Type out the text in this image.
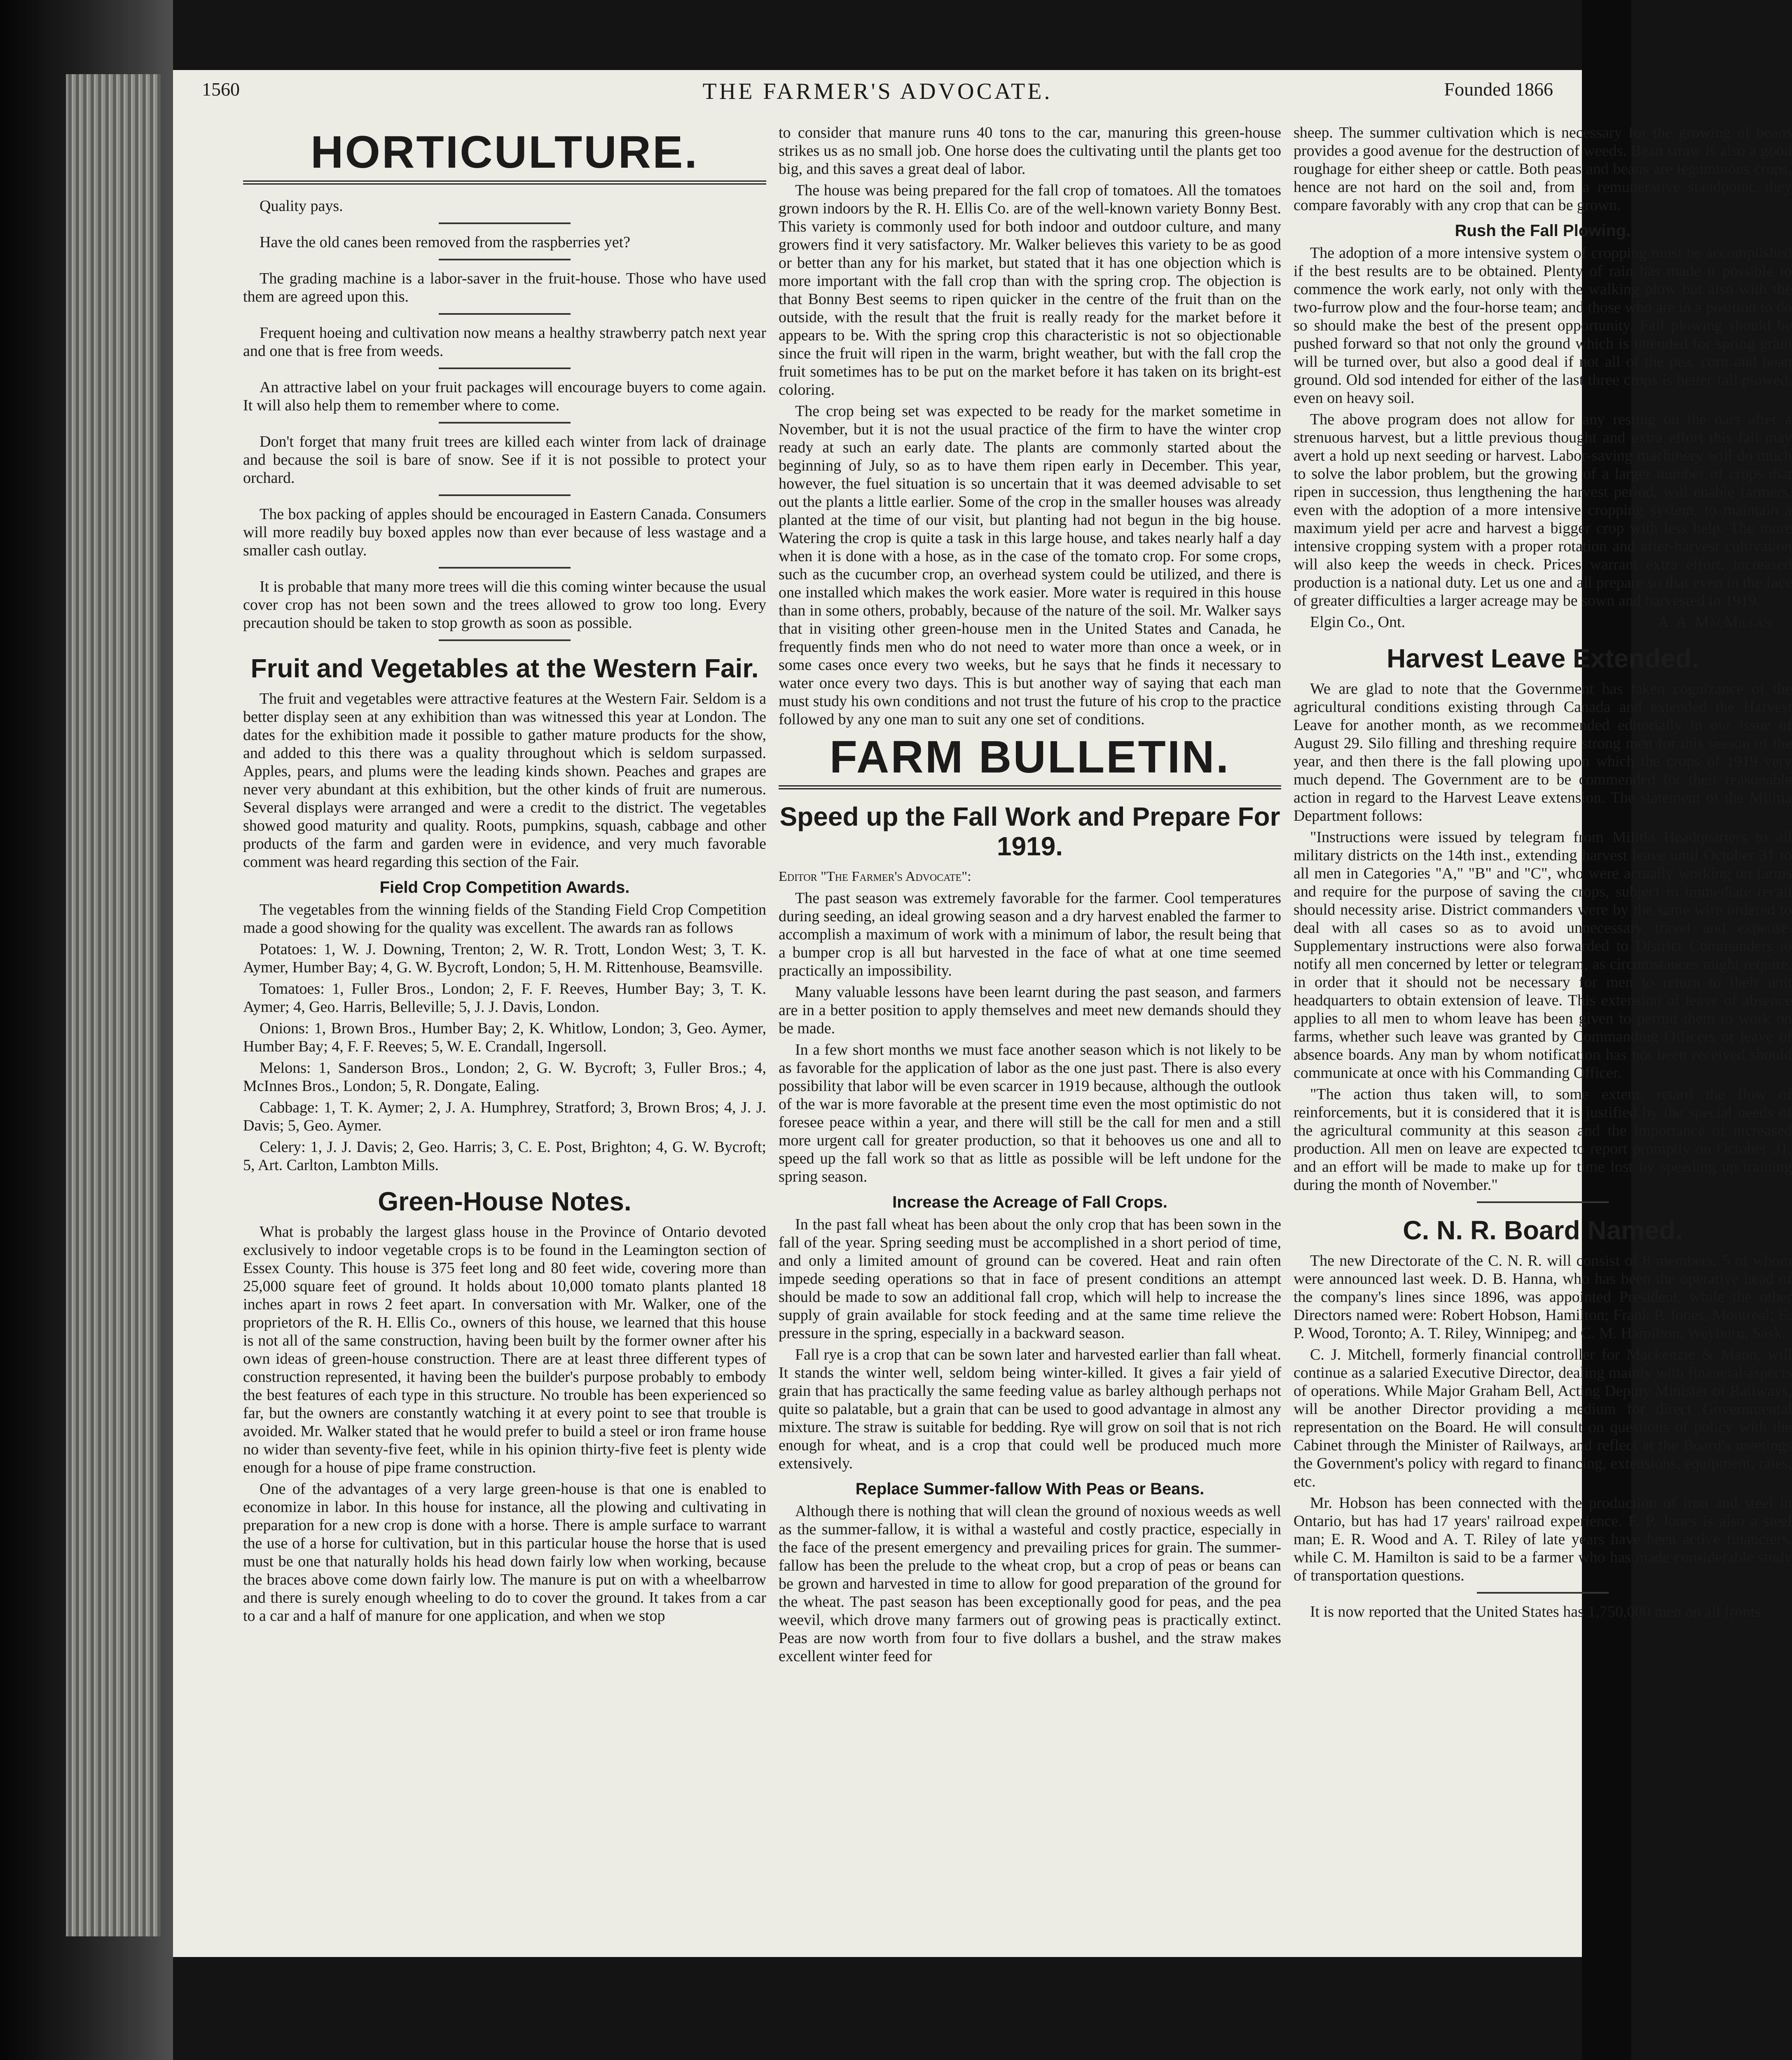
1560	THE FARMER'S ADVOCATE.	Founded 1866
HORTICULTURE.

Quality pays.

Have the old canes been removed from the raspberries yet?

The grading machine is a labor-saver in the fruit-house. Those who have used them are agreed upon this.

Frequent hoeing and cultivation now means a healthy strawberry patch next year and one that is free from weeds.

An attractive label on your fruit packages will encourage buyers to come again. It will also help them to remember where to come.

Don't forget that many fruit trees are killed each winter from lack of drainage and because the soil is bare of snow. See if it is not possible to protect your orchard.

The box packing of apples should be encouraged in Eastern Canada. Consumers will more readily buy boxed apples now than ever because of less wastage and a smaller cash outlay.

It is probable that many more trees will die this coming winter because the usual cover crop has not been sown and the trees allowed to grow too long. Every precaution should be taken to stop growth as soon as possible.

Fruit and Vegetables at the Western Fair.

The fruit and vegetables were attractive features at the Western Fair. Seldom is a better display seen at any exhibition than was witnessed this year at London. The dates for the exhibition made it possible to gather mature products for the show, and added to this there was a quality throughout which is seldom surpassed. Apples, pears, and plums were the leading kinds shown. Peaches and grapes are never very abundant at this exhibition, but the other kinds of fruit are numerous. Several displays were arranged and were a credit to the district. The vegetables showed good maturity and quality. Roots, pumpkins, squash, cabbage and other products of the farm and garden were in evidence, and very much favorable comment was heard regarding this section of the Fair.

Field Crop Competition Awards.

The vegetables from the winning fields of the Standing Field Crop Competition made a good showing for the quality was excellent. The awards ran as follows

Potatoes: 1, W. J. Downing, Trenton; 2, W. R. Trott, London West; 3, T. K. Aymer, Humber Bay; 4, G. W. Bycroft, London; 5, H. M. Rittenhouse, Beamsville.

Tomatoes: 1, Fuller Bros., London; 2, F. F. Reeves, Humber Bay; 3, T. K. Aymer; 4, Geo. Harris, Belleville; 5, J. J. Davis, London.

Onions: 1, Brown Bros., Humber Bay; 2, K. Whitlow, London; 3, Geo. Aymer, Humber Bay; 4, F. F. Reeves; 5, W. E. Crandall, Ingersoll.

Melons: 1, Sanderson Bros., London; 2, G. W. Bycroft; 3, Fuller Bros.; 4, McInnes Bros., London; 5, R. Dongate, Ealing.

Cabbage: 1, T. K. Aymer; 2, J. A. Humphrey, Stratford; 3, Brown Bros; 4, J. J. Davis; 5, Geo. Aymer.

Celery: 1, J. J. Davis; 2, Geo. Harris; 3, C. E. Post, Brighton; 4, G. W. Bycroft; 5, Art. Carlton, Lambton Mills.

Green-House Notes.

What is probably the largest glass house in the Province of Ontario devoted exclusively to indoor vegetable crops is to be found in the Leamington section of Essex County. This house is 375 feet long and 80 feet wide, covering more than 25,000 square feet of ground. It holds about 10,000 tomato plants planted 18 inches apart in rows 2 feet apart. In conversation with Mr. Walker, one of the proprietors of the R. H. Ellis Co., owners of this house, we learned that this house is not all of the same construction, having been built by the former owner after his own ideas of green-house construction. There are at least three different types of construction represented, it having been the builder's purpose probably to embody the best features of each type in this structure. No trouble has been experienced so far, but the owners are constantly watching it at every point to see that trouble is avoided. Mr. Walker stated that he would prefer to build a steel or iron frame house no wider than seventy-five feet, while in his opinion thirty-five feet is plenty wide enough for a house of pipe frame construction.

One of the advantages of a very large green-house is that one is enabled to economize in labor. In this house for instance, all the plowing and cultivating in preparation for a new crop is done with a horse. There is ample surface to warrant the use of a horse for cultivation, but in this particular house the horse that is used must be one that naturally holds his head down fairly low when working, because the braces above come down fairly low. The manure is put on with a wheelbarrow and there is surely enough wheeling to do to cover the ground. It takes from a car to a car and a half of manure for one application, and when we stop

to consider that manure runs 40 tons to the car, manuring this green-house strikes us as no small job. One horse does the cultivating until the plants get too big, and this saves a great deal of labor.

The house was being prepared for the fall crop of tomatoes. All the tomatoes grown indoors by the R. H. Ellis Co. are of the well-known variety Bonny Best. This variety is commonly used for both indoor and outdoor culture, and many growers find it very satisfactory. Mr. Walker believes this variety to be as good or better than any for his market, but stated that it has one objection which is more important with the fall crop than with the spring crop. The objection is that Bonny Best seems to ripen quicker in the centre of the fruit than on the outside, with the result that the fruit is really ready for the market before it appears to be. With the spring crop this characteristic is not so objectionable since the fruit will ripen in the warm, bright weather, but with the fall crop the fruit sometimes has to be put on the market before it has taken on its bright-est coloring.

The crop being set was expected to be ready for the market sometime in November, but it is not the usual practice of the firm to have the winter crop ready at such an early date. The plants are commonly started about the beginning of July, so as to have them ripen early in December. This year, however, the fuel situation is so uncertain that it was deemed advisable to set out the plants a little earlier. Some of the crop in the smaller houses was already planted at the time of our visit, but planting had not begun in the big house. Watering the crop is quite a task in this large house, and takes nearly half a day when it is done with a hose, as in the case of the tomato crop. For some crops, such as the cucumber crop, an overhead system could be utilized, and there is one installed which makes the work easier. More water is required in this house than in some others, probably, because of the nature of the soil. Mr. Walker says that in visiting other green-house men in the United States and Canada, he frequently finds men who do not need to water more than once a week, or in some cases once every two weeks, but he says that he finds it necessary to water once every two days. This is but another way of saying that each man must study his own conditions and not trust the future of his crop to the practice followed by any one man to suit any one set of conditions.

FARM BULLETIN.
Speed up the Fall Work and Prepare For 1919.
Editor "The Farmer's Advocate":

The past season was extremely favorable for the farmer. Cool temperatures during seeding, an ideal growing season and a dry harvest enabled the farmer to accomplish a maximum of work with a minimum of labor, the result being that a bumper crop is all but harvested in the face of what at one time seemed practically an impossibility.

Many valuable lessons have been learnt during the past season, and farmers are in a better position to apply themselves and meet new demands should they be made.

In a few short months we must face another season which is not likely to be as favorable for the application of labor as the one just past. There is also every possibility that labor will be even scarcer in 1919 because, although the outlook of the war is more favorable at the present time even the most optimistic do not foresee peace within a year, and there will still be the call for men and a still more urgent call for greater production, so that it behooves us one and all to speed up the fall work so that as little as possible will be left undone for the spring season.

Increase the Acreage of Fall Crops.

In the past fall wheat has been about the only crop that has been sown in the fall of the year. Spring seeding must be accomplished in a short period of time, and only a limited amount of ground can be covered. Heat and rain often impede seeding operations so that in face of present conditions an attempt should be made to sow an additional fall crop, which will help to increase the supply of grain available for stock feeding and at the same time relieve the pressure in the spring, especially in a backward season.

Fall rye is a crop that can be sown later and harvested earlier than fall wheat. It stands the winter well, seldom being winter-killed. It gives a fair yield of grain that has practically the same feeding value as barley although perhaps not quite so palatable, but a grain that can be used to good advantage in almost any mixture. The straw is suitable for bedding. Rye will grow on soil that is not rich enough for wheat, and is a crop that could well be produced much more extensively.

Replace Summer-fallow With Peas or Beans.

Although there is nothing that will clean the ground of noxious weeds as well as the summer-fallow, it is withal a wasteful and costly practice, especially in the face of the present emergency and prevailing prices for grain. The summer-fallow has been the prelude to the wheat crop, but a crop of peas or beans can be grown and harvested in time to allow for good preparation of the ground for the wheat. The past season has been exceptionally good for peas, and the pea weevil, which drove many farmers out of growing peas is practically extinct. Peas are now worth from four to five dollars a bushel, and the straw makes excellent winter feed for

sheep. The summer cultivation which is necessary for the growing of beans provides a good avenue for the destruction of weeds. Bean straw is also a good roughage for either sheep or cattle. Both peas and beans are leguminous crops, hence are not hard on the soil and, from a remunerative standpoint, they compare favorably with any crop that can be grown.

Rush the Fall Plowing.

The adoption of a more intensive system of cropping must be accomplished if the best results are to be obtained. Plenty of rain has made it possible to commence the work early, not only with the walking plow but also with the two-furrow plow and the four-horse team; and those who are in a position to do so should make the best of the present opportunity. Fall plowing should be pushed forward so that not only the ground which is intended for spring grain will be turned over, but also a good deal if not all of the pea, corn and bean ground. Old sod intended for either of the last three crops is better fall plowed, even on heavy soil.

The above program does not allow for any resting on the oars after a strenuous harvest, but a little previous thought and extra effort this fall may avert a hold up next seeding or harvest. Labor-saving machinery will do much to solve the labor problem, but the growing of a larger number of crops that ripen in succession, thus lengthening the harvest period, will enable farmers, even with the adoption of a more intensive cropping system, to maintain a maximum yield per acre and harvest a bigger crop with less help. The more intensive cropping system with a proper rotation and after-harvest cultivation will also keep the weeds in check. Prices warrant extra effort, increased production is a national duty. Let us one and all prepare so that even in the face of greater difficulties a larger acreage may be sown and harvested in 1919.

Elgin Co., Ont.	A. A. MacMillan.
Harvest Leave Extended.

We are glad to note that the Government has taken cognizance of the agricultural conditions existing through Canada and extended the Harvest Leave for another month, as we recommended editorially in our issue of August 29. Silo filling and threshing require strong men for this season of the year, and then there is the fall plowing upon which the crops of 1919 very much depend. The Government are to be commended for their reasonable action in regard to the Harvest Leave extension. The statement of the Militia Department follows:

"Instructions were issued by telegram from Militia Headquarters to all military districts on the 14th inst., extending harvest leave until October 31 to all men in Categories "A," "B" and "C", who were actually working on farms and require for the purpose of saving the crops, subject to immediate recall should necessity arise. District commanders were by the same wire ordered to deal with all cases so as to avoid unnecessary travel and expense. Supplementary instructions were also forwarded to District Commanders to notify all men concerned by letter or telegram, as circumstances might require, in order that it should not be necessary for men to return to their unit headquarters to obtain extension of leave. This extension of leave of absence applies to all men to whom leave has been given to permit them to work on farms, whether such leave was granted by Commanding Officers or leave of absence boards. Any man by whom notification has not been received should communicate at once with his Commanding Officer.

"The action thus taken will, to some extent, retard the flow of reinforcements, but it is considered that it is justified by the special needs of the agricultural community at this season and the importance of increased production. All men on leave are expected to report promptly on October 31, and an effort will be made to make up for time lost by speeding up training during the month of November."

C. N. R. Board Named.

The new Directorate of the C. N. R. will consist of 8 members, 5 of whom were announced last week. D. B. Hanna, who has been the operative head of the company's lines since 1896, was appointed President, while the other Directors named were: Robert Hobson, Hamilton; Frank P. Jones, Montreal; E. P. Wood, Toronto; A. T. Riley, Winnipeg; and C. M. Hamilton, Weyburn, Sask.

C. J. Mitchell, formerly financial controller for Mackenzie & Mann, will continue as a salaried Executive Director, dealing mainly with financial aspects of operations. While Major Graham Bell, Acting Deputy Minister of Railways, will be another Director providing a medium for direct Governmental representation on the Board. He will consult on questions of policy with the Cabinet through the Minister of Railways, and reflect at the Board's meetings the Government's policy with regard to financing, extensions, equipment, rates, etc.

Mr. Hobson has been connected with the production of iron and steel in Ontario, but has had 17 years' railroad experience. F. P. Jones is also a steel man; E. R. Wood and A. T. Riley of late years have been active financiers, while C. M. Hamilton is said to be a farmer who has made considerable study of transportation questions.

It is now reported that the United States has 1,750,000 men on all fronts.
